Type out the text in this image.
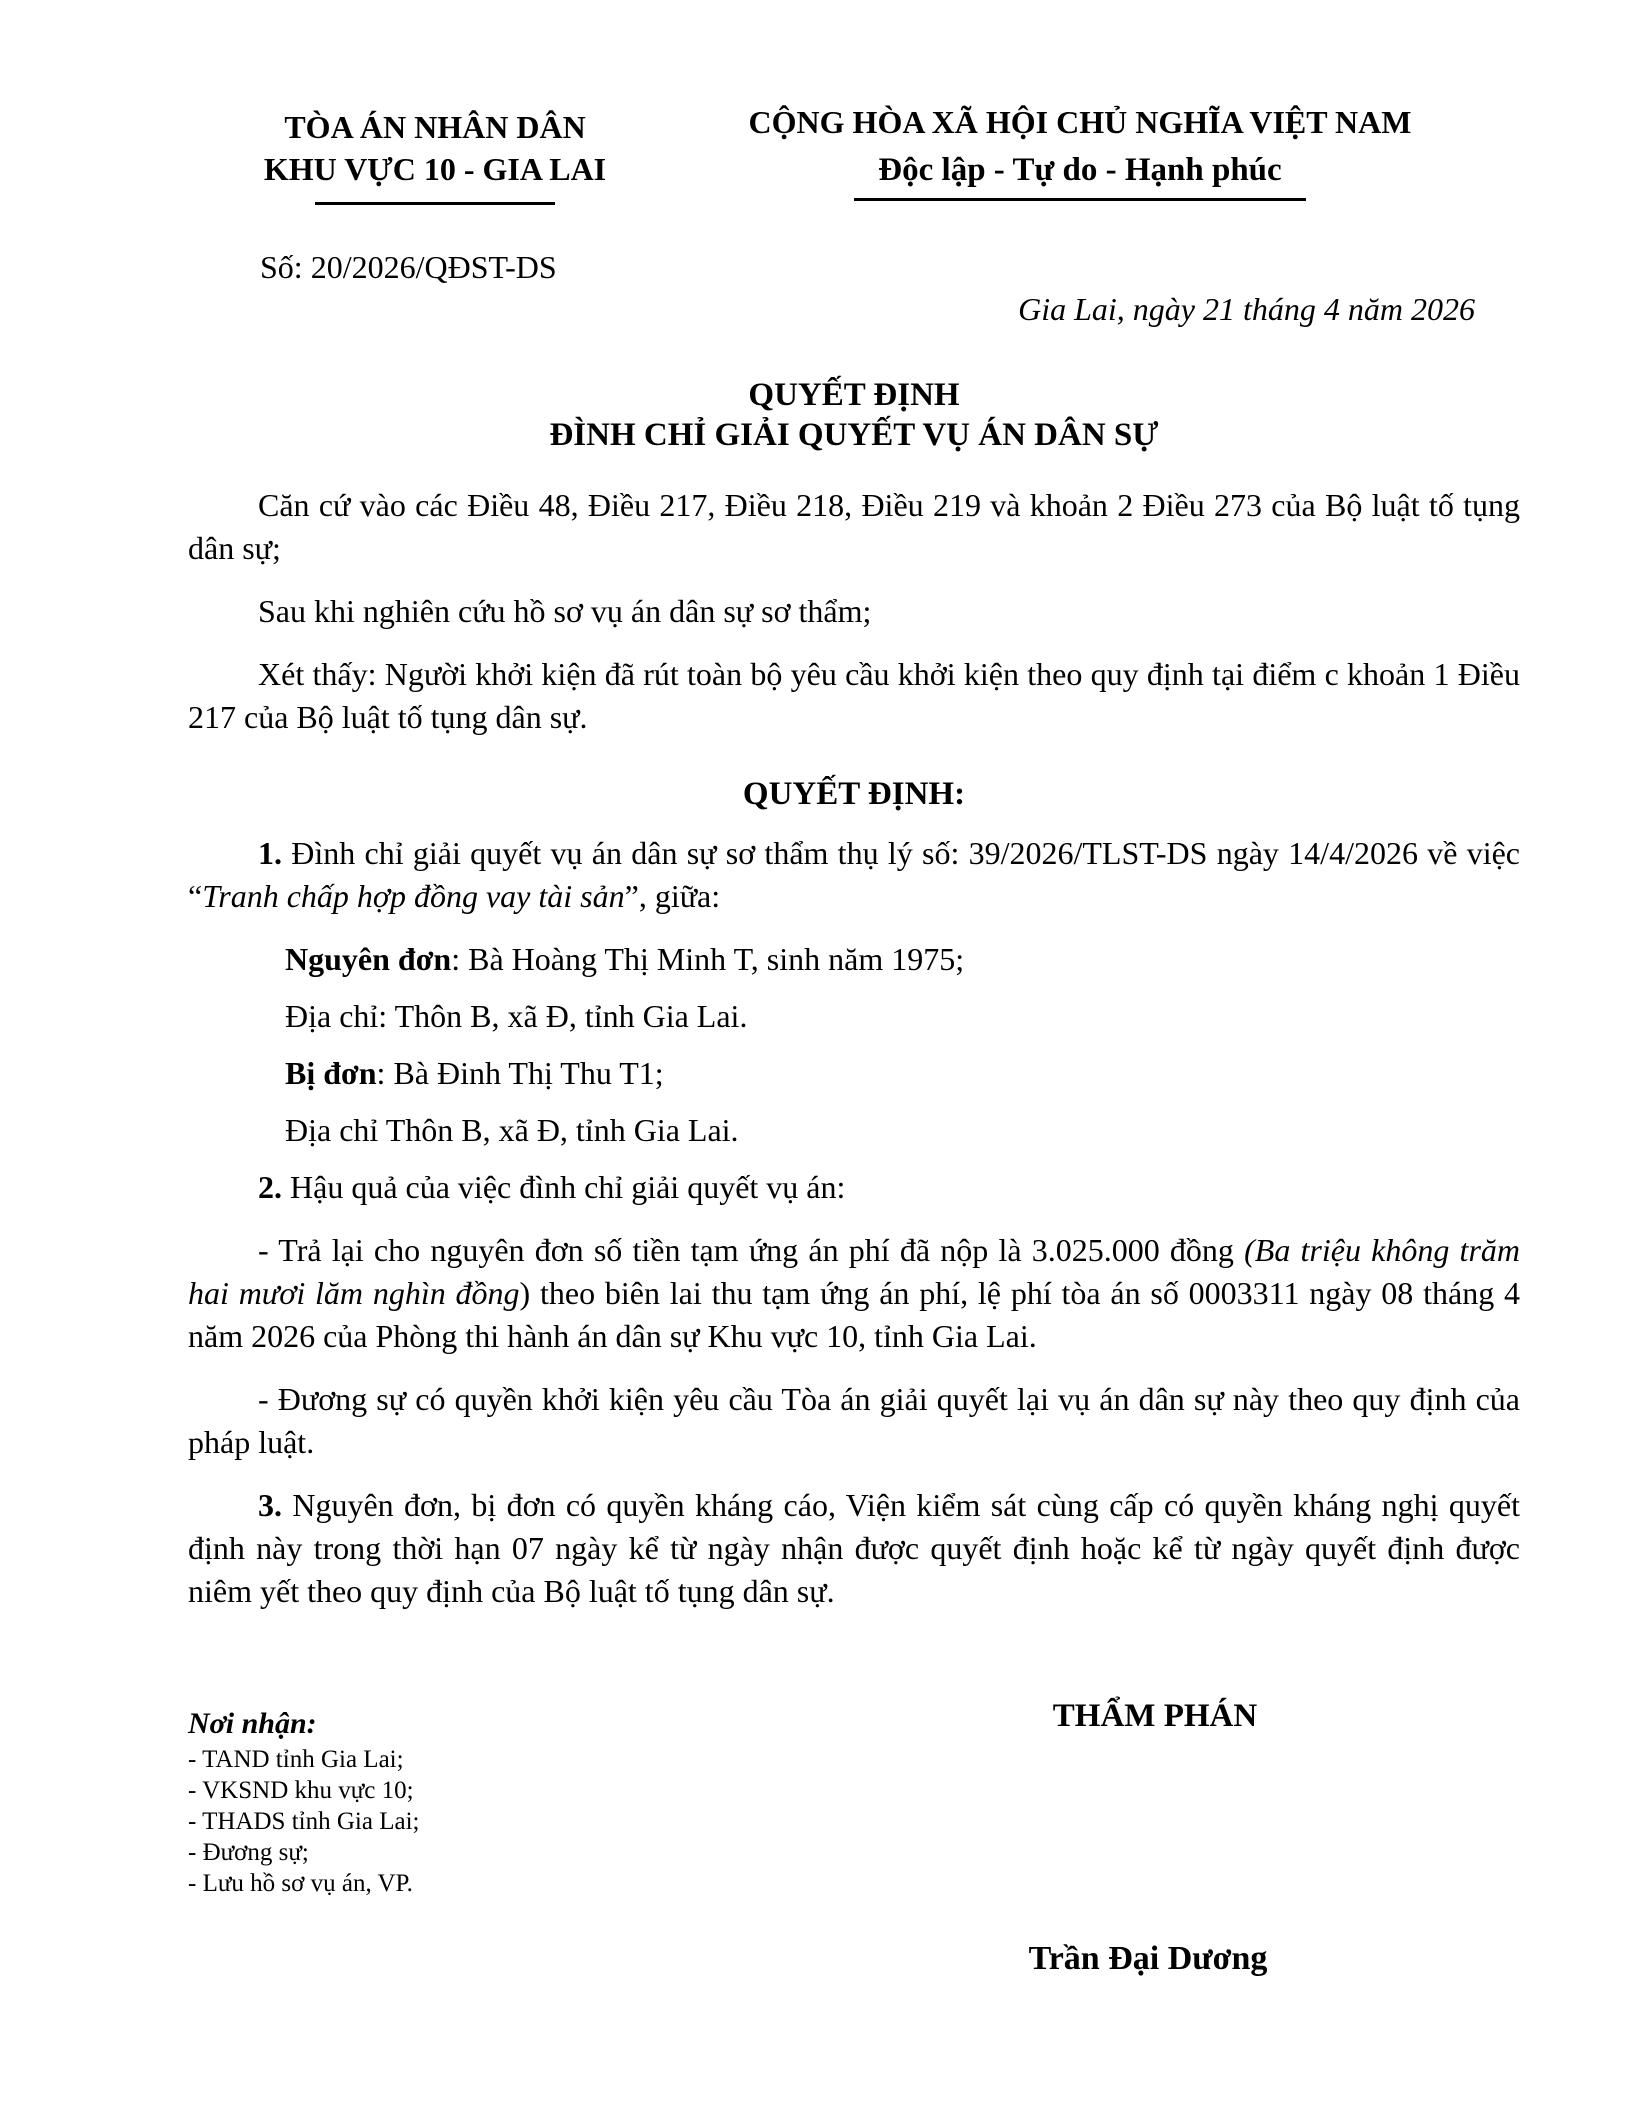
TÒA ÁN NHÂN DÂN
KHU VỰC 10 - GIA LAI
CỘNG HÒA XÃ HỘI CHỦ NGHĨA VIỆT NAM
Độc lập - Tự do - Hạnh phúc
Số: 20/2026/QĐST-DS
Gia Lai, ngày 21 tháng 4 năm 2026
QUYẾT ĐỊNH
ĐÌNH CHỈ GIẢI QUYẾT VỤ ÁN DÂN SỰ

Căn cứ vào các Điều 48, Điều 217, Điều 218, Điều 219 và khoản 2 Điều 273 của Bộ luật tố tụng dân sự;

Sau khi nghiên cứu hồ sơ vụ án dân sự sơ thẩm;

Xét thấy: Người khởi kiện đã rút toàn bộ yêu cầu khởi kiện theo quy định tại điểm c khoản 1 Điều 217 của Bộ luật tố tụng dân sự.

QUYẾT ĐỊNH:

1. Đình chỉ giải quyết vụ án dân sự sơ thẩm thụ lý số: 39/2026/TLST-DS ngày 14/4/2026 về việc “Tranh chấp hợp đồng vay tài sản”, giữa:

Nguyên đơn: Bà Hoàng Thị Minh T, sinh năm 1975;

Địa chỉ: Thôn B, xã Đ, tỉnh Gia Lai.

Bị đơn: Bà Đinh Thị Thu T1;

Địa chỉ Thôn B, xã Đ, tỉnh Gia Lai.

2. Hậu quả của việc đình chỉ giải quyết vụ án:

- Trả lại cho nguyên đơn số tiền tạm ứng án phí đã nộp là 3.025.000 đồng (Ba triệu không trăm hai mươi lăm nghìn đồng) theo biên lai thu tạm ứng án phí, lệ phí tòa án số 0003311 ngày 08 tháng 4 năm 2026 của Phòng thi hành án dân sự Khu vực 10, tỉnh Gia Lai.

- Đương sự có quyền khởi kiện yêu cầu Tòa án giải quyết lại vụ án dân sự này theo quy định của pháp luật.

3. Nguyên đơn, bị đơn có quyền kháng cáo, Viện kiểm sát cùng cấp có quyền kháng nghị quyết định này trong thời hạn 07 ngày kể từ ngày nhận được quyết định hoặc kể từ ngày quyết định được niêm yết theo quy định của Bộ luật tố tụng dân sự.

Nơi nhận:
- TAND tỉnh Gia Lai;
- VKSND khu vực 10;
- THADS tỉnh Gia Lai;
- Đương sự;
- Lưu hồ sơ vụ án, VP.
THẨM PHÁN
Trần Đại Dương
